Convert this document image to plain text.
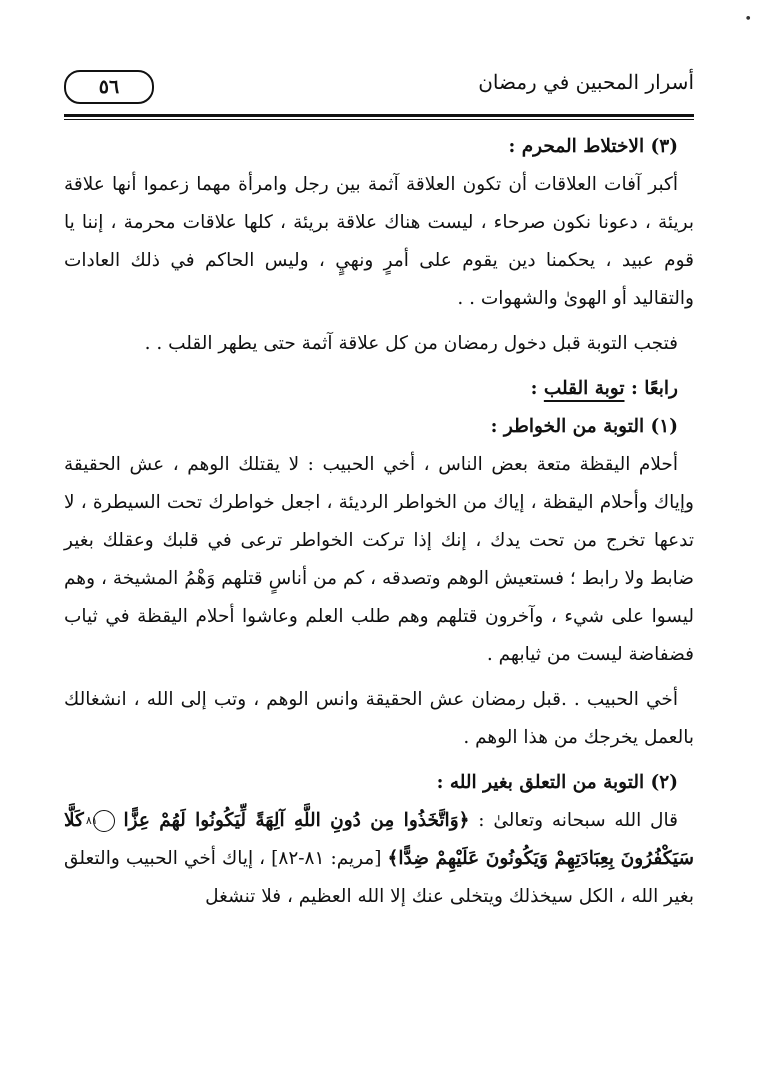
•
٥٦	أسرار المحبين في رمضان
(٣) الاختلاط المحرم :

أكبر آفات العلاقات أن تكون العلاقة آثمة بين رجل وامرأة مهما زعموا أنها علاقة بريئة ، دعونا نكون صرحاء ، ليست هناك علاقة بريئة ، كلها علاقات محرمة ، إننا يا قوم عبيد ، يحكمنا دين يقوم على أمرٍ ونهيٍ ، وليس الحاكم في ذلك العادات والتقاليد أو الهوىٰ والشهوات . .

فتجب التوبة قبل دخول رمضان من كل علاقة آثمة حتى يطهر القلب . .

رابعًا : توبة القلب :
(١) التوبة من الخواطر :

أحلام اليقظة متعة بعض الناس ، أخي الحبيب : لا يقتلك الوهم ، عش الحقيقة وإياك وأحلام اليقظة ، إياك من الخواطر الرديئة ، اجعل خواطرك تحت السيطرة ، لا تدعها تخرج من تحت يدك ، إنك إذا تركت الخواطر ترعى في قلبك وعقلك بغير ضابط ولا رابط ؛ فستعيش الوهم وتصدقه ، كم من أناسٍ قتلهم وَهْمُ المشيخة ، وهم ليسوا على شيء ، وآخرون قتلهم وهم طلب العلم وعاشوا أحلام اليقظة في ثياب فضفاضة ليست من ثيابهم .

أخي الحبيب . .قبل رمضان عش الحقيقة وانس الوهم ، وتب إلى الله ، انشغالك بالعمل يخرجك من هذا الوهم .

(٢) التوبة من التعلق بغير الله :

قال الله سبحانه وتعالىٰ : ﴿وَاتَّخَذُوا مِن دُونِ اللَّهِ آلِهَةً لِّيَكُونُوا لَهُمْ عِزًّا ٨١ كَلَّا سَيَكْفُرُونَ بِعِبَادَتِهِمْ وَيَكُونُونَ عَلَيْهِمْ ضِدًّا﴾ [مريم: ٨١-٨٢] ، إياك أخي الحبيب والتعلق بغير الله ، الكل سيخذلك ويتخلى عنك إلا الله العظيم ، فلا تنشغل
